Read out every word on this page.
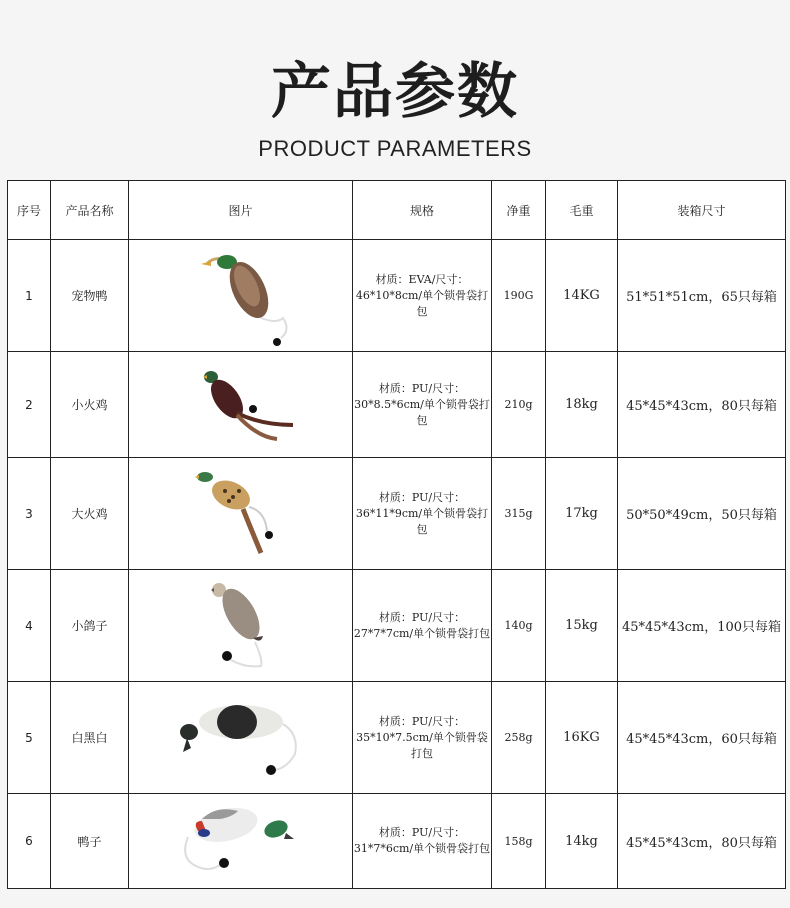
产品参数
PRODUCT PARAMETERS
序号	产品名称	图片	规格	净重	毛重	装箱尺寸
1	宠物鸭		材质：EVA/尺寸：46*10*8cm/单个锁骨袋打包	190G	14KG	51*51*51cm，65只每箱
2	小火鸡		材质：PU/尺寸：30*8.5*6cm/单个锁骨袋打包	210g	18kg	45*45*43cm，80只每箱
3	大火鸡		材质：PU/尺寸：36*11*9cm/单个锁骨袋打包	315g	17kg	50*50*49cm，50只每箱
4	小鸽子		材质：PU/尺寸：27*7*7cm/单个锁骨袋打包	140g	15kg	45*45*43cm，100只每箱
5	白黑白		材质：PU/尺寸：35*10*7.5cm/单个锁骨袋打包	258g	16KG	45*45*43cm，60只每箱
6	鸭子		材质：PU/尺寸：31*7*6cm/单个锁骨袋打包	158g	14kg	45*45*43cm，80只每箱
